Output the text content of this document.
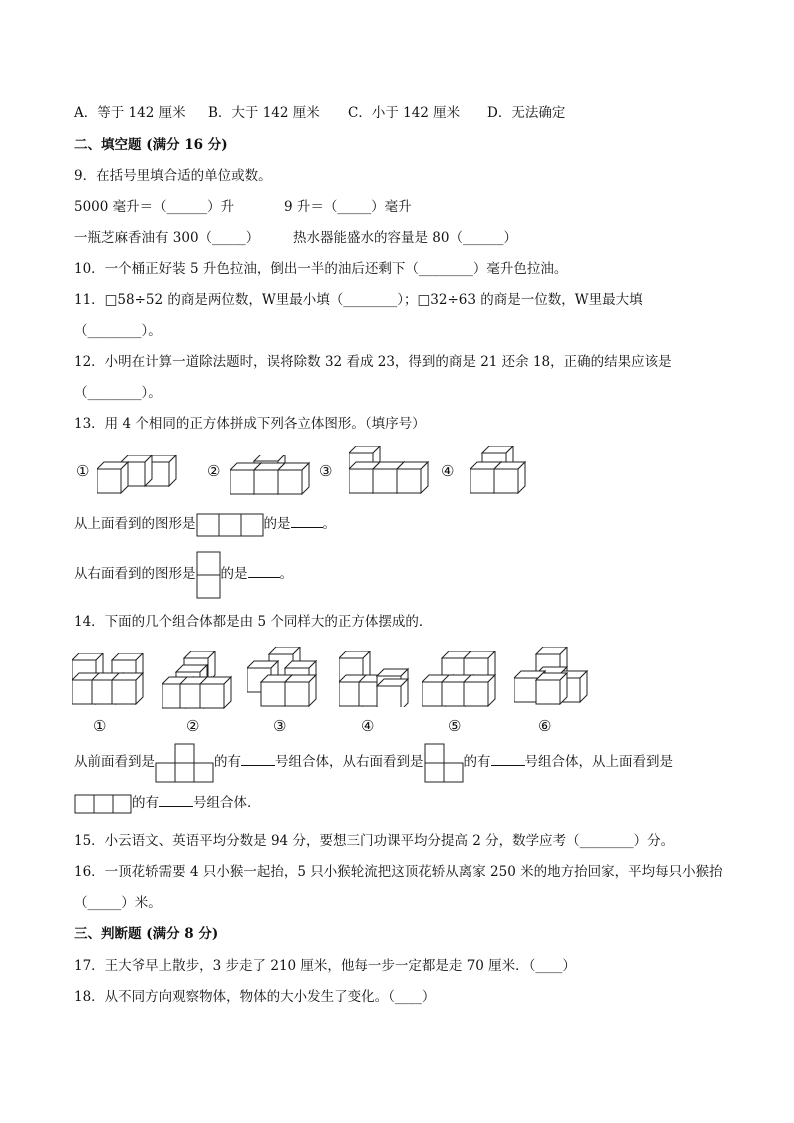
A．等于 142 厘米 B．大于 142 厘米 C．小于 142 厘米 D．无法确定
二、填空题 (满分 16 分)
9．在括号里填合适的单位或数。
5000 毫升＝（______）升	9 升＝（_____）毫升
一瓶芝麻香油有 300（_____） 热水器能盛水的容量是 80（______）
10．一个桶正好装 5 升色拉油，倒出一半的油后还剩下（________）毫升色拉油。
11．□58÷52 的商是两位数，W里最小填（________）；□32÷63 的商是一位数，W里最大填
（________）。
12．小明在计算一道除法题时，误将除数 32 看成 23，得到的商是 21 还余 18，正确的结果应该是
（________）。
13．用 4 个相同的正方体拼成下列各立体图形。（填序号）
①	②	③	④
从上面看到的图形是	的是 。
从右面看到的图形是 的是 。
14．下面的几个组合体都是由 5 个同样大的正方体摆成的．
①	②	③	④	⑤	⑥
从前面看到是	的有	号组合体，从右面看到是	的有	号组合体，从上面看到是
的有	号组合体．
15．小云语文、英语平均分数是 94 分，要想三门功课平均分提高 2 分，数学应考（________）分。
16．一顶花轿需要 4 只小猴一起抬，5 只小猴轮流把这顶花轿从离家 250 米的地方抬回家，平均每只小猴抬
（_____）米。
三、判断题 (满分 8 分)
17．王大爷早上散步，3 步走了 210 厘米，他每一步一定都是走 70 厘米．（____）
18．从不同方向观察物体，物体的大小发生了变化。（____）
